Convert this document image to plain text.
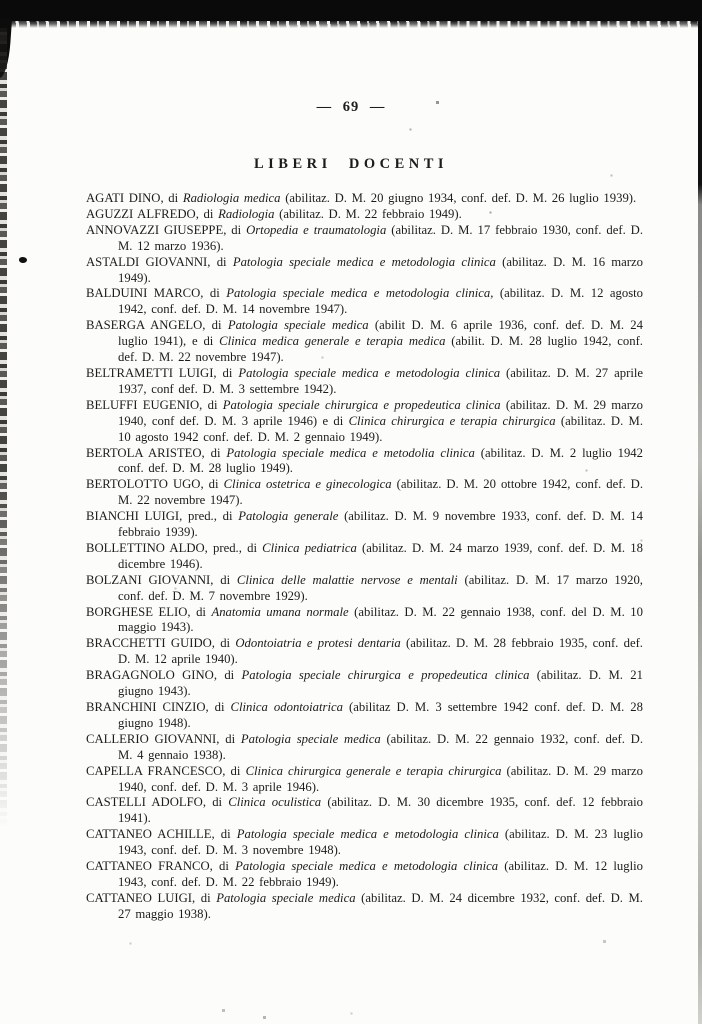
— 69 —
LIBERI DOCENTI

AGATI DINO, di Radiologia medica (abilitaz. D. M. 20 giugno 1934, conf. def. D. M. 26 luglio 1939).

AGUZZI ALFREDO, di Radiologia (abilitaz. D. M. 22 febbraio 1949).

ANNOVAZZI GIUSEPPE, di Ortopedia e traumatologia (abilitaz. D. M. 17 febbraio 1930, conf. def. D. M. 12 marzo 1936).

ASTALDI GIOVANNI, di Patologia speciale medica e metodologia clinica (abilitaz. D. M. 16 marzo 1949).

BALDUINI MARCO, di Patologia speciale medica e metodologia clinica, (abilitaz. D. M. 12 agosto 1942, conf. def. D. M. 14 novembre 1947).

BASERGA ANGELO, di Patologia speciale medica (abilit D. M. 6 aprile 1936, conf. def. D. M. 24 luglio 1941), e di Clinica medica generale e terapia medica (abilit. D. M. 28 luglio 1942, conf. def. D. M. 22 novembre 1947).

BELTRAMETTI LUIGI, di Patologia speciale medica e metodologia clinica (abilitaz. D. M. 27 aprile 1937, conf def. D. M. 3 settembre 1942).

BELUFFI EUGENIO, di Patologia speciale chirurgica e propedeutica clinica (abilitaz. D. M. 29 marzo 1940, conf def. D. M. 3 aprile 1946) e di Clinica chirurgica e terapia chirurgica (abilitaz. D. M. 10 agosto 1942 conf. def. D. M. 2 gennaio 1949).

BERTOLA ARISTEO, di Patologia speciale medica e metodolia clinica (abilitaz. D. M. 2 luglio 1942 conf. def. D. M. 28 luglio 1949).

BERTOLOTTO UGO, di Clinica ostetrica e ginecologica (abilitaz. D. M. 20 ottobre 1942, conf. def. D. M. 22 novembre 1947).

BIANCHI LUIGI, pred., di Patologia generale (abilitaz. D. M. 9 novembre 1933, conf. def. D. M. 14 febbraio 1939).

BOLLETTINO ALDO, pred., di Clinica pediatrica (abilitaz. D. M. 24 marzo 1939, conf. def. D. M. 18 dicembre 1946).

BOLZANI GIOVANNI, di Clinica delle malattie nervose e mentali (abilitaz. D. M. 17 marzo 1920, conf. def. D. M. 7 novembre 1929).

BORGHESE ELIO, di Anatomia umana normale (abilitaz. D. M. 22 gennaio 1938, conf. del D. M. 10 maggio 1943).

BRACCHETTI GUIDO, di Odontoiatria e protesi dentaria (abilitaz. D. M. 28 febbraio 1935, conf. def. D. M. 12 aprile 1940).

BRAGAGNOLO GINO, di Patologia speciale chirurgica e propedeutica clinica (abilitaz. D. M. 21 giugno 1943).

BRANCHINI CINZIO, di Clinica odontoiatrica (abilitaz D. M. 3 settembre 1942 conf. def. D. M. 28 giugno 1948).

CALLERIO GIOVANNI, di Patologia speciale medica (abilitaz. D. M. 22 gennaio 1932, conf. def. D. M. 4 gennaio 1938).

CAPELLA FRANCESCO, di Clinica chirurgica generale e terapia chirurgica (abilitaz. D. M. 29 marzo 1940, conf. def. D. M. 3 aprile 1946).

CASTELLI ADOLFO, di Clinica oculistica (abilitaz. D. M. 30 dicembre 1935, conf. def. 12 febbraio 1941).

CATTANEO ACHILLE, di Patologia speciale medica e metodologia clinica (abilitaz. D. M. 23 luglio 1943, conf. def. D. M. 3 novembre 1948).

CATTANEO FRANCO, di Patologia speciale medica e metodologia clinica (abilitaz. D. M. 12 luglio 1943, conf. def. D. M. 22 febbraio 1949).

CATTANEO LUIGI, di Patologia speciale medica (abilitaz. D. M. 24 dicembre 1932, conf. def. D. M. 27 maggio 1938).
